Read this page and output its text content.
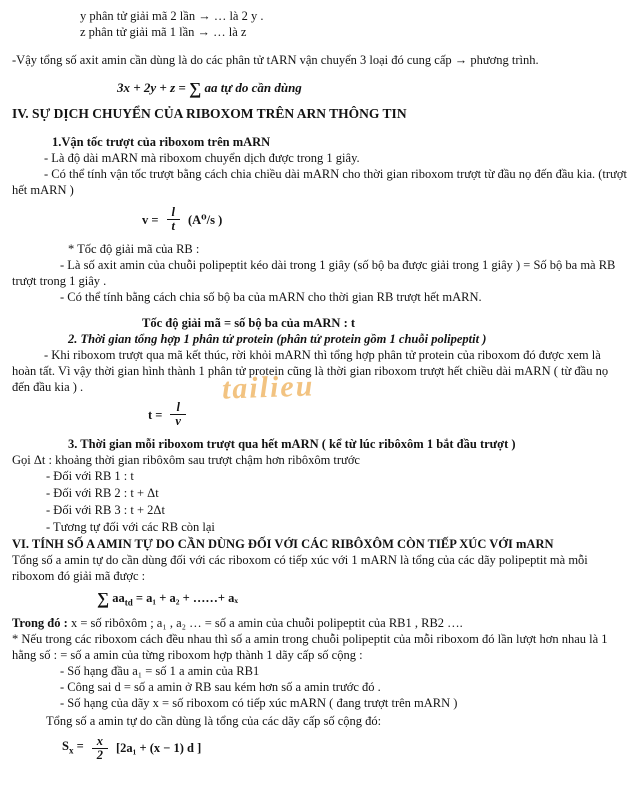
y phân tử giải mã 2 lần → … là 2 y .
z phân tử giải mã 1 lần → … là z
-Vậy tổng số axit amin cần dùng là do các phân tử tARN vận chuyển 3 loại đó cung cấp → phương trình.
3x + 2y + z = ∑ aa tự do cần dùng
IV. SỰ DỊCH CHUYỂN CỦA RIBOXOM TRÊN ARN THÔNG TIN
1.Vận tốc trượt của riboxom trên mARN
- Là độ dài mARN mà riboxom chuyển dịch được trong 1 giây.
- Có thể tính vận tốc trượt bằng cách chia chiều dài mARN cho thời gian riboxom trượt từ đầu nọ đến đầu kia. (trượt hết mARN )
$v = \frac{l}{t} (A^0/s$ )
* Tốc độ giải mã của RB :
- Là số axit amin của chuỗi polipeptit kéo dài trong 1 giây (số bộ ba được giải trong 1 giây ) = Số bộ ba mà RB trượt trong 1 giây .
- Có thể tính bằng cách chia số bộ ba của mARN cho thời gian RB trượt hết mARN.
Tốc độ giải mã = số bộ ba của mARN : t
2. Thời gian tổng hợp 1 phân tử protein (phân tử protein gồm 1 chuỗi polipeptit )
- Khi riboxom trượt qua mã kết thúc, rời khỏi mARN thì tổng hợp phân tử protein của riboxom đó được xem là hoàn tất. Vì vậy thời gian hình thành 1 phân tử protein cũng là thời gian riboxom trượt hết chiều dài mARN ( từ đầu nọ đến đầu kia ) .
$t = \frac{l}{v}$
3. Thời gian mỗi riboxom trượt qua hết mARN ( kể từ lúc ribôxôm 1 bắt đầu trượt )
Gọi Δt : khoảng thời gian ribôxôm sau trượt chậm hơn ribôxôm trước
- Đối với RB 1 : t
- Đối với RB 2 : t + Δt
- Đối với RB 3 : t + 2Δt
- Tương tự đối với các RB còn lại
VI. TÍNH SỐ A AMIN TỰ DO CẦN DÙNG ĐỐI VỚI CÁC RIBÔXÔM CÒN TIẾP XÚC VỚI mARN
Tổng số a amin tự do cần dùng đối với các riboxom có tiếp xúc với 1 mARN là tổng của các dãy polipeptit mà mỗi riboxom đó giải mã được :
∑ $aa_{td} = a_1 + a_2$ + ……+ aₓ
Trong đó : x = số ribôxôm ; a₁ , a₂ … = số a amin của chuỗi polipeptit của RB1 , RB2 ….
* Nếu trong các riboxom cách đều nhau thì số a amin trong chuỗi polipeptit của mỗi riboxom đó lần lượt hơn nhau là 1 hằng số : = số a amin của từng riboxom hợp thành 1 dãy cấp số cộng :
- Số hạng đầu a₁ = số 1 a amin của RB1
- Công sai d = số a amin ở RB sau kém hơn số a amin trước đó .
- Số hạng của dãy x = số riboxom có tiếp xúc mARN ( đang trượt trên mARN )
Tổng số a amin tự do cần dùng là tổng của các dãy cấp số cộng đó:
$S_x = \frac{x}{2} [2a_1 + (x - 1)$ d ]
tailieu
